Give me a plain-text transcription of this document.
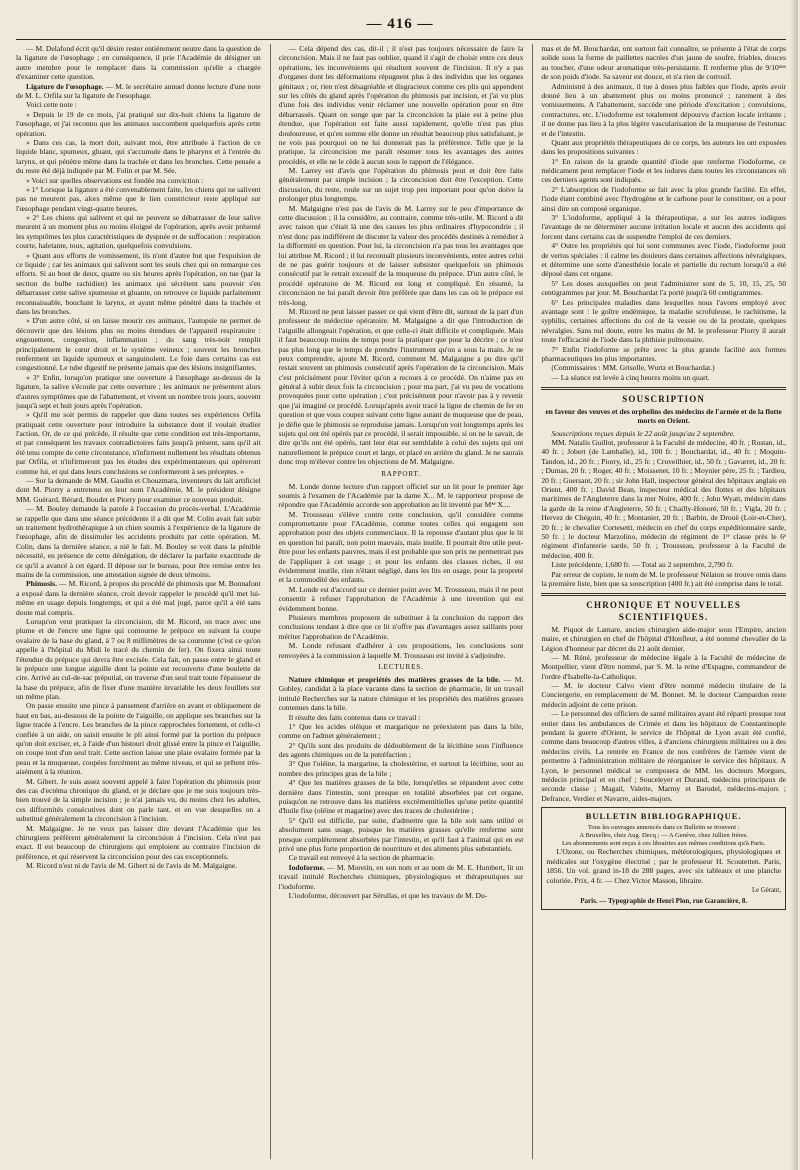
— 416 —

— M. Delafond écrit qu'il désire rester entièrement neutre dans la question de la ligature de l'œsophage ; en conséquence, il prie l'Académie de désigner un autre membre pour le remplacer dans la commission qu'elle a chargée d'examiner cette question.

Ligature de l'œsophage. — M. le secrétaire annuel donne lecture d'une note de M. L. Orfila sur la ligature de l'œsophage.

Voici cette note :

« Depuis le 19 de ce mois, j'ai pratiqué sur dix-huit chiens la ligature de l'œsophage, et j'ai reconnu que les animaux succombent quelquefois après cette opération.

» Dans ces cas, la mort doit, suivant moi, être attribuée à l'action de ce liquide blanc, spumeux, gluant, qui s'accumule dans le pharynx et à l'entrée du larynx, et qui pénètre même dans la trachée et dans les bronches. Cette pensée a du reste été déjà indiquée par M. Folin et par M. Sée.

» Voici sur quelles observations est fondée ma conviction :

» 1° Lorsque la ligature a été convenablement faite, les chiens qui ne salivent pas ne meurent pas, alors même que le lien constricteur reste appliqué sur l'œsophage pendant vingt-quatre heures.

» 2° Les chiens qui salivent et qui ne peuvent se débarrasser de leur salive meurent à un moment plus ou moins éloigné de l'opération, après avoir présenté les symptômes les plus caractéristiques de dyspnée et de suffocation : respiration courte, haletante, toux, agitation, quelquefois convulsions.

» Quant aux efforts de vomissement, ils n'ont d'autre but que l'expulsion de ce liquide ; car les animaux qui salivent sont les seuls chez qui on remarque ces efforts. Si au bout de deux, quatre ou six heures après l'opération, on tue (par la section du bulbe rachidien) les animaux qui sécrètent sans pouvoir s'en débarrasser cette salive spumeuse et gluante, on retrouve ce liquide parfaitement reconnaissable, bouchant le larynx, et ayant même pénétré dans la trachée et dans les bronches.

» D'un autre côté, si on laisse mourir ces animaux, l'autopsie ne permet de découvrir que des lésions plus ou moins étendues de l'appareil respiratoire : engouement, congestion, inflammation ; du sang très-noir remplit principalement le cœur droit et le système veineux ; souvent les bronches renferment un liquide spumeux et sanguinolent. Le foie dans certains cas est congestionné. Le tube digestif ne présente jamais que des lésions insignifiantes.

» 3° Enfin, lorsqu'on pratique une ouverture à l'œsophage au-dessus de la ligature, la salive s'écoule par cette ouverture ; les animaux ne présentent alors d'autres symptômes que de l'abattement, et vivent un nombre trois jours, souvent jusqu'à sept et huit jours après l'opération.

» Qu'il me soit permis de rappeler que dans toutes ses expériences Orfila pratiquait cette ouverture pour introduire la substance dont il voulait étudier l'action. Or, de ce qui précède, il résulte que cette condition est très-importante, et par conséquent les travaux contradictoires faits jusqu'à présent, sans qu'il ait été tenu compte de cette circonstance, n'infirment nullement les résultats obtenus par Orfila, et n'infirmeront pas les études des expérimentateurs qui opéreront comme lui, et qui dans leurs conclusions se conformeront à ses préceptes. »

— Sur la demande de MM. Gaudin et Chouzmara, inventeurs du lait artificiel dont M. Piorry a entretenu en leur nom l'Académie, M. le président désigne MM. Guérard, Bérard, Boudet et Piorry pour examiner ce nouveau produit.

— M. Bouley demande la parole à l'occasion du procès-verbal. L'Académie se rappelle que dans une séance précédente il a dit que M. Colin avait fait subir un traitement hydrothérapique à un chien soumis à l'expérience de la ligature de l'œsophage, afin de dissimuler les accidents produits par cette opération. M. Colin, dans la dernière séance, a nié le fait. M. Bouley se voit dans la pénible nécessité, en présence de cette dénégation, de déclarer la parfaite exactitude de ce qu'il a avancé à cet égard. Il dépose sur le bureau, pour être remise entre les mains de la commission, une attestation signée de deux témoins.

Phimosis. — M. Ricord, à propos du procédé de phimosis que M. Bonnafont a exposé dans la dernière séance, croit devoir rappeler le procédé qu'il met lui-même en usage depuis longtemps, et qui a été mal jugé, parce qu'il a été sans doute mal compris.

Lorsqu'on veut pratiquer la circoncision, dit M. Ricord, on trace avec une plume et de l'encre une ligne qui contourne le prépuce en suivant la coupe ovalaire de la base du gland, à 7 ou 8 millimètres de sa couronne (c'est ce qu'on appelle à l'hôpital du Midi le tracé du chemin de fer). On fixera ainsi toute l'étendue du prépuce qui devra être excisée. Cela fait, on passe entre le gland et le prépuce une longue aiguille dont la pointe est recouverte d'une boulette de cire. Arrivé au cul-de-sac préputial, on traverse d'un seul trait toute l'épaisseur de la base du prépuce, afin de fixer d'une manière invariable les deux feuillets sur un même plan.

On passe ensuite une pince à pansement d'arrière en avant et obliquement de haut en bas, au-dessous de la pointe de l'aiguille, on applique ses branches sur la ligne tracée à l'encre. Les branches de la pince rapprochées fortement, et celle-ci confiée à un aide, on saisit ensuite le pli ainsi formé par la portion du prépuce qu'on doit exciser, et, à l'aide d'un bistouri droit glissé entre la pince et l'aiguille, on coupe tout d'un seul trait. Cette section laisse une plaie ovalaire formée par la peau et la muqueuse, coupées forcément au même niveau, et qui se prêtent très-aisément à la réunion.

M. Gibert. Je suis assez souvent appelé à faire l'opération du phimosis pour des cas d'ectéma chronique du gland, et je déclare que je me suis toujours très-bien trouvé de la simple incision ; je n'ai jamais vu, du moins chez les adultes, ces difformités consécutives dont on parle tant, et en vue desquelles on a substitué généralement la circoncision à l'incision.

M. Malgaigne. Je ne veux pas laisser dire devant l'Académie que les chirurgiens préfèrent généralement la circoncision à l'incision. Cela n'est pas exact. Il est beaucoup de chirurgiens qui emploient au contraire l'incision de préférence, et qui réservent la circoncision pour des cas exceptionnels.

M. Ricord n'est ni de l'avis de M. Gibert ni de l'avis de M. Malgaigne.

— Cela dépend des cas, dit-il ; il n'est pas toujours nécessaire de faire la circoncision. Mais il ne faut pas oublier, quand il s'agit de choisir entre ces deux opérations, les inconvénients qui résultent souvent de l'incision. Il n'y a pas d'organes dont les déformations répugnent plus à des individus que les organes génitaux ; or, rien n'est désagréable et disgracieux comme ces plis qui appendent sur les côtés du gland après l'opération du phimosis par incision, et j'ai vu plus d'une fois des individus venir réclamer une nouvelle opération pour en être débarrassés. Quant on songe que par la circoncision la plaie est à peine plus étendue, que l'opération est faite aussi rapidement, qu'elle n'est pas plus douloureuse, et qu'en somme elle donne un résultat beaucoup plus satisfaisant, je ne vois pas pourquoi on ne lui donnerait pas la préférence. Telle que je la pratique, la circoncision me paraît résumer tous les avantages des autres procédés, et elle ne le cède à aucun sous le rapport de l'élégance.

M. Larrey est d'avis que l'opération du phimosis peut et doit être faite généralement par simple incision ; la circoncision doit être l'exception. Cette discussion, du reste, roule sur un sujet trop peu important pour qu'on doive la prolonger plus longtemps.

M. Malgaigne n'est pas de l'avis de M. Larrey sur le peu d'importance de cette discussion ; il la considère, au contraire, comme très-utile. M. Ricord a dit avec raison que c'était là une des causes les plus ordinaires d'hypocondrie ; il n'est donc pas indifférent de discuter la valeur des procédés destinés à remédier à la difformité en question. Pour lui, la circoncision n'a pas tous les avantages que lui attribue M. Ricord ; il lui reconnaît plusieurs inconvénients, entre autres celui de ne pas guérir toujours et de laisser subsister quelquefois un phimosis consécutif par le retrait excessif de la muqueuse du prépuce. D'un autre côté, le procédé opératoire de M. Ricord est long et compliqué. En résumé, la circoncision ne lui paraît devoir être préférée que dans les cas où le prépuce est très-long.

M. Ricord ne peut laisser passer ce qui vient d'être dit, surtout de la part d'un professeur de médecine opératoire. M. Malgaigne a dit que l'introduction de l'aiguille allongeait l'opération, et que celle-ci était difficile et compliquée. Mais il faut beaucoup moins de temps pour la pratiquer que pour la décrire ; ce n'est pas plus long que le temps de prendre l'instrument qu'on a sous la main. Je ne peux comprendre, ajoute M. Ricord, comment M. Malgaigne a pu dire qu'il restait souvent un phimosis consécutif après l'opération de la circoncision. Mais c'est précisément pour l'éviter qu'on a recours à ce procédé. On n'aime pas en général à subir deux fois la circoncision ; pour ma part, j'ai vu peu de vocations provoquées pour cette opération ; c'est précisément pour n'avoir pas à y revenir que j'ai imaginé ce procédé. Lorsqu'après avoir tracé la ligne de chemin de fer en question et que vous coupez suivant cette ligne autant de muqueuse que de peau, je défie que le phimosis se reproduise jamais. Lorsqu'on voit longtemps après les sujets qui ont été opérés par ce procédé, il serait impossible, si on ne le savait, de dire qu'ils ont été opérés, tant leur état est semblable à celui des sujets qui ont naturellement le prépuce court et large, et placé en arrière du gland. Je ne saurais donc trop m'élever contre les objections de M. Malgaigne.

RAPPORT.

M. Londe donne lecture d'un rapport officiel sur un lit pour le premier âge soumis à l'examen de l'Académie par la dame X... M. le rapporteur propose de répondre que l'Académie accorde son approbation au lit inventé par Mᵜᵉ X....

M. Trousseau s'élève contre cette conclusion, qu'il considère comme compromettante pour l'Académie, comme toutes celles qui engagent son approbation pour des objets commerciaux. Il la repousse d'autant plus que le lit en question lui paraît, non point mauvais, mais inutile. Il pourrait être utile peut-être pour les enfants pauvres, mais il est probable que son prix ne permettrait pas de l'appliquer à cet usage ; et pour les enfants des classes riches, il est évidemment inutile, rien n'étant négligé, dans les lits en usage, pour la propreté et la commodité des enfants.

M. Londe est d'accord sur ce dernier point avec M. Trousseau, mais il ne peut consentir à refuser l'approbation de l'Académie à une invention qui est évidemment bonne.

Plusieurs membres proposent de substituer à la conclusion du rapport des conclusions tendant à dire que ce lit n'offre pas d'avantages assez saillants pour mériter l'approbation de l'Académie.

M. Londe refusant d'adhérer à ces propositions, les conclusions sont renvoyées à la commission à laquelle M. Trousseau est invité à s'adjoindre.

LECTURES.

Nature chimique et propriétés des matières grasses de la bile. — M. Gobley, candidat à la place vacante dans la section de pharmacie, lit un travail intitulé Recherches sur la nature chimique et les propriétés des matières grasses contenues dans la bile.

Il résulte des faits contenus dans ce travail :

1° Que les acides oléique et margarique ne préexistent pas dans la bile, comme on l'admet généralement ;

2° Qu'ils sont des produits de dédoublement de la lécithine sous l'influence des agents chimiques ou de la putréfaction ;

3° Que l'oléine, la margarine, la cholestérine, et surtout la lécithine, sont au nombre des principes gras de la bile ;

4° Que les matières grasses de la bile, lorsqu'elles se répandent avec cette dernière dans l'intestin, sont presque en totalité absorbées par cet organe, puisqu'on ne retrouve dans les matières excrémentitielles qu'une petite quantité d'huile fixe (oléine et magarine) avec des traces de cholestérine ;

5° Qu'il est difficile, par suite, d'admettre que la bile soit sans utilité et absolument sans usage, puisque les matières grasses qu'elle renferme sont presque complètement absorbées par l'intestin, et qu'il faut à l'animal qui en est privé une plus forte proportion de nourriture et des aliments plus substantiels.

Ce travail est renvoyé à la section de pharmacie.

Iodoforme. — M. Moretin, en son nom et au nom de M. E. Humbert, lit un travail intitulé Recherches chimiques, physiologiques et thérapeutiques sur l'iodoforme.

L'iodoforme, découvert par Sérullas, et que les travaux de M. Du-

mas et de M. Bouchardat, ont surtout fait connaître, se présente à l'état de corps solide sous la forme de paillettes nacrées d'un jaune de soufre, friables, douces au toucher, d'une odeur aromatique très-persistante. Il renferme plus de 9/10ᵐᵉˢ de son poids d'iode. Sa saveur est douce, et n'a rien de corrosif.

Administré à des animaux, il tue à doses plus faibles que l'iode, après avoir donné lieu à un abattement plus ou moins prononcé ; rarement à des vomissements. A l'abattement, succède une période d'excitation ; convulsions, contractures, etc. L'iodoforme est totalement dépourvu d'action locale irritante ; il ne donne pas lieu à la plus légère vascularisation de la muqueuse de l'estomac et de l'intestin.

Quant aux propriétés thérapeutiques de ce corps, les auteurs les ont exposées dans les propositions suivantes :

1° En raison de la grande quantité d'iode que renferme l'iodoforme, ce médicament peut remplacer l'iode et les iodures dans toutes les circonstances où ces derniers agents sont indiqués.

2° L'absorption de l'iodoforme se fait avec la plus grande facilité. En effet, l'iode étant combiné avec l'hydrogène et le carbone pour le constituer, on a pour ainsi dire un composé organique.

3° L'iodoforme, appliqué à la thérapeutique, a sur les autres iodiques l'avantage de ne déterminer aucune irritation locale et aucun des accidents qui forcent dans certains cas de suspendre l'emploi de ces derniers.

4° Outre les propriétés qui lui sont communes avec l'iode, l'iodoforme jouit de vertus spéciales : il calme les douleurs dans certaines affections névralgiques, et détermine une sorte d'anesthésie locale et partielle du rectum lorsqu'il a été déposé dans cet organe.

5° Les doses auxquelles on peut l'administrer sont de 5, 10, 15, 25, 50 centigrammes par jour. M. Bouchardat l'a porté jusqu'à 60 centigrammes.

6° Les principales maladies dans lesquelles nous l'avons employé avec avantage sont : le goître endémique, la maladie scrofuleuse, le rachitisme, la syphilis, certaines affections du col de la vessie ou de la prostate, quelques névralgies. Sans nul doute, entre les mains de M. le professeur Piorry il aurait toute l'efficacité de l'iode dans la phthisie pulmonaire.

7° Enfin l'iodoforme se prête avec la plus grande facilité aux formes pharmaceutiques les plus importantes.

(Commissaires : MM. Grisolle, Wurtz et Bouchardat.)

— La séance est levée à cinq heures moins un quart.

SOUSCRIPTION

en faveur des veuves et des orphelins des médecins de l'armée et de la flotte morts en Orient.

Souscriptions reçues depuis le 22 août jusqu'au 2 septembre.

MM. Natalis Guillot, professeur à la Faculté de médecine, 40 fr. ; Rostan, id., 40 fr. ; Jobert (de Lamballe), id., 100 fr. ; Bouchardat, id., 40 fr. ; Moquin-Tandon, id., 20 fr. ; Piorry, id., 25 fr. ; Cruveilhier, id., 50 fr. ; Gavarret, id., 20 fr. ; Dumas, 20 fr. ; Roger, 40 fr. ; Moissenet, 10 fr. ; Moynier père, 25 fr. ; Tardieu, 20 fr. ; Guersant, 20 fr. ; sir John Hall, inspecteur général des hôpitaux anglais en Orient, 400 fr. ; David Bean, inspecteur médical des flottes et des hôpitaux maritimes de l'Angleterre dans la mer Noire, 400 fr. ; John Wyatt, médecin dans la garde de la reine d'Angleterre, 50 fr. ; Chailly-Honoré, 50 fr. ; Vigla, 20 fr. ; Hervez de Chégoin, 40 fr. ; Montanier, 20 fr. ; Barbin, de Drouë (Loir-et-Cher), 20 fr. ; le chevalier Cortesetti, médecin en chef du corps expéditionnaire sarde, 50 fr. ; le docteur Marzolino, médecin de régiment de 1ʳᵉ classe près le 6ᵉ régiment d'infanterie sarde, 50 fr. ; Trousseau, professeur à la Faculté de médecine, 400 fr.

Liste précédente, 1,680 fr. — Total au 2 septembre, 2,790 fr.

Par erreur de copiste, le nom de M. le professeur Nélaton se trouve omis dans la première liste, bien que sa souscription (400 fr.) ait été comprise dans le total.

CHRONIQUE ET NOUVELLES SCIENTIFIQUES.

M. Piquot de Lamare, ancien chirurgien aide-major sous l'Empire, ancien maire, et chirurgien en chef de l'hôpital d'Honfleur, a été nommé chevalier de la Légion d'honneur par décret du 21 août dernier.

— M. Réné, professeur de médecine légale à la Faculté de médecine de Montpellier, vient d'être nommé, par S. M. la reine d'Espagne, commandeur de l'ordre d'Isabelle-la-Catholique.

— M. le docteur Calvo vient d'être nommé médecin titulaire de la Conciergerie, en remplacement de M. Bonnet. M. le docteur Campardon reste médecin adjoint de cette prison.

— Le personnel des officiers de santé militaires ayant été réparti presque tout entier dans les ambulances de Crimée et dans les hôpitaux de Constantinople pendant la guerre d'Orient, le service de l'hôpital de Lyon avait été confié, comme dans beaucoup d'autres villes, à d'anciens chirurgiens militaires ou à des médecins civils. La rentrée en France de nos confrères de l'armée vient de permettre à l'administration militaire de réorganiser le service des hôpitaux. A Lyon, le personnel médical se composera de MM. les docteurs Morgues, médecin principal et en chef ; Souceleyer et Durand, médecins principaux de seconde classe ; Magail, Valette, Marmy et Barudel, médecins-majors ; Defrance, Verdier et Navarre, aides-majors.

BULLETIN BIBLIOGRAPHIQUE.

Tous les ouvrages annoncés dans ce Bulletin se trouvent :

A Bruxelles, chez Aug. Decq ; — A Genève, chez Jullien frères.

Les abonnements sont reçus à ces librairies aux mêmes conditions qu'à Paris.

L'Ozone, ou Recherches chimiques, météorologiques, physiologiques et médicales sur l'oxygène électrisé ; par le professeur H. Scoutetten. Paris, 1856. Un vol. grand in-18 de 288 pages, avec six tableaux et une planche coloriée. Prix, 4 fr. — Chez Victor Masson, libraire.

Le Gérant,

Paris. — Typographie de Henri Plon, rue Garancière, 8.
